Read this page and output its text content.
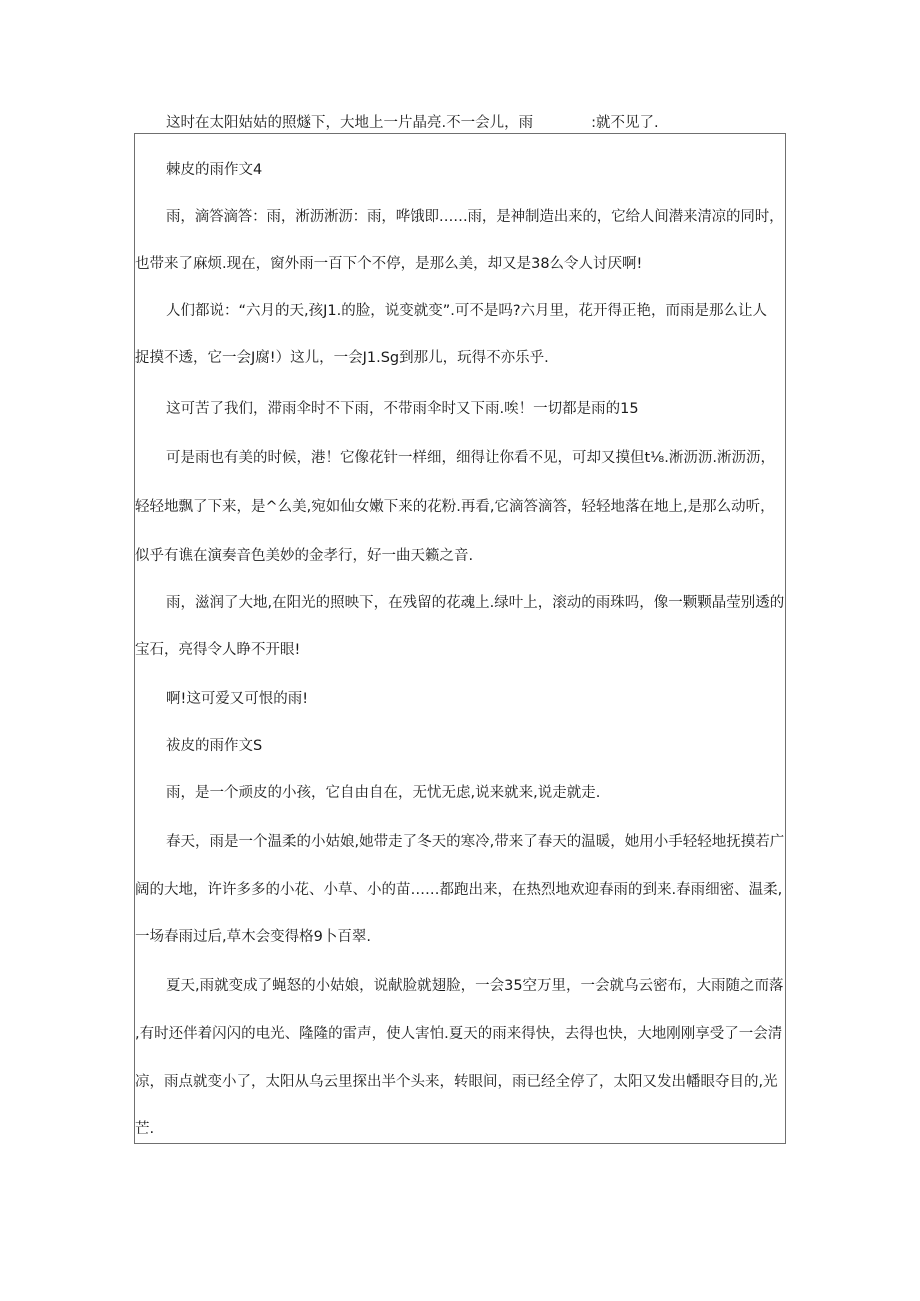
这时在太阳姑姑的照燧下，大地上一片晶亮.不一会儿，雨	:就不见了.
棘皮的雨作文4
雨，滴答滴答：雨，淅沥淅沥：雨，哗饿即……雨，是神制造出来的，它给人间潜来清凉的同时，
也带来了麻烦.现在，窗外雨一百下个不停，是那么美，却又是38么令人讨厌啊!
人们都说：“六月的天,孩J1.的脸，说变就变”.可不是吗?六月里，花开得正艳，而雨是那么让人
捉摸不透，它一会J腐!）这儿，一会J1.Sg到那儿，玩得不亦乐乎.
这可苦了我们，滞雨伞时不下雨，不带雨伞时又下雨.唉！一切都是雨的15
可是雨也有美的时候，港！它像花针一样细，细得让你看不见，可却又摸但t⅛.淅沥沥.淅沥沥，
轻轻地飘了下来，是^么美,宛如仙女嫩下来的花粉.再看,它滴答滴答，轻轻地落在地上,是那么动听，
似乎有谯在演奏音色美妙的金孝行，好一曲天籁之音.
雨，滋润了大地,在阳光的照映下，在残留的花魂上.绿叶上，滚动的雨珠吗，像一颗颗晶莹别透的
宝石，亮得令人睁不开眼!
啊!这可爱又可恨的雨!
祓皮的雨作文S
雨，是一个顽皮的小孩，它自由自在，无忧无虑,说来就来,说走就走.
春天，雨是一个温柔的小姑娘,她带走了冬天的寒冷,带来了春天的温暖，她用小手轻轻地抚摸若广
阔的大地，许许多多的小花、小草、小的苗……都跑出来，在热烈地欢迎春雨的到来.春雨细密、温柔,
一场春雨过后,草木会变得格9卜百翠.
夏天,雨就变成了蝇怒的小姑娘，说献脸就翅脸，一会35空万里，一会就乌云密布，大雨随之而落
,有时还伴着闪闪的电光、隆隆的雷声，使人害怕.夏天的雨来得快，去得也快，大地刚刚享受了一会清
凉，雨点就变小了，太阳从乌云里探出半个头来，转眼间，雨已经全停了，太阳又发出幡眼夺目的,光
芒.
